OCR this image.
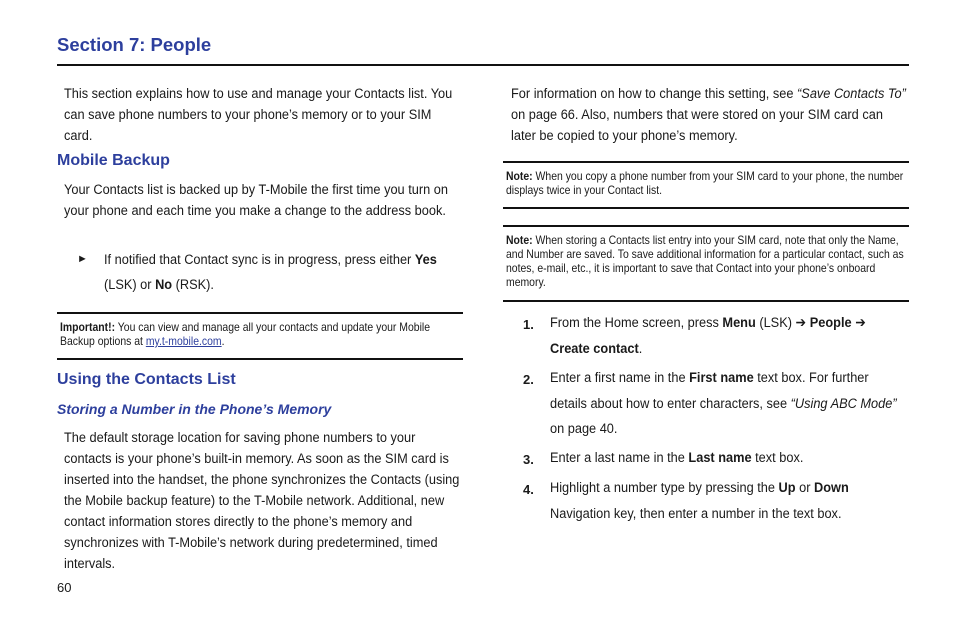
Section 7: People
This section explains how to use and manage your Contacts list. You can save phone numbers to your phone’s memory or to your SIM card.
Mobile Backup
Your Contacts list is backed up by T-Mobile the first time you turn on your phone and each time you make a change to the address book.
► If notified that Contact sync is in progress, press either Yes (LSK) or No (RSK).
Important!: You can view and manage all your contacts and update your Mobile Backup options at my.t-mobile.com.
Using the Contacts List
Storing a Number in the Phone’s Memory
The default storage location for saving phone numbers to your contacts is your phone’s built-in memory. As soon as the SIM card is inserted into the handset, the phone synchronizes the Contacts (using the Mobile backup feature) to the T-Mobile network. Additional, new contact information stores directly to the phone’s memory and synchronizes with T-Mobile’s network during predetermined, timed intervals.
60
For information on how to change this setting, see “Save Contacts To” on page 66. Also, numbers that were stored on your SIM card can later be copied to your phone’s memory.
Note: When you copy a phone number from your SIM card to your phone, the number displays twice in your Contact list.
Note: When storing a Contacts list entry into your SIM card, note that only the Name, and Number are saved. To save additional information for a particular contact, such as notes, e-mail, etc., it is important to save that Contact into your phone’s onboard memory.
1. From the Home screen, press Menu (LSK) ➔ People ➔ Create contact.
2. Enter a first name in the First name text box. For further details about how to enter characters, see “Using ABC Mode” on page 40.
3. Enter a last name in the Last name text box.
4. Highlight a number type by pressing the Up or Down Navigation key, then enter a number in the text box.
